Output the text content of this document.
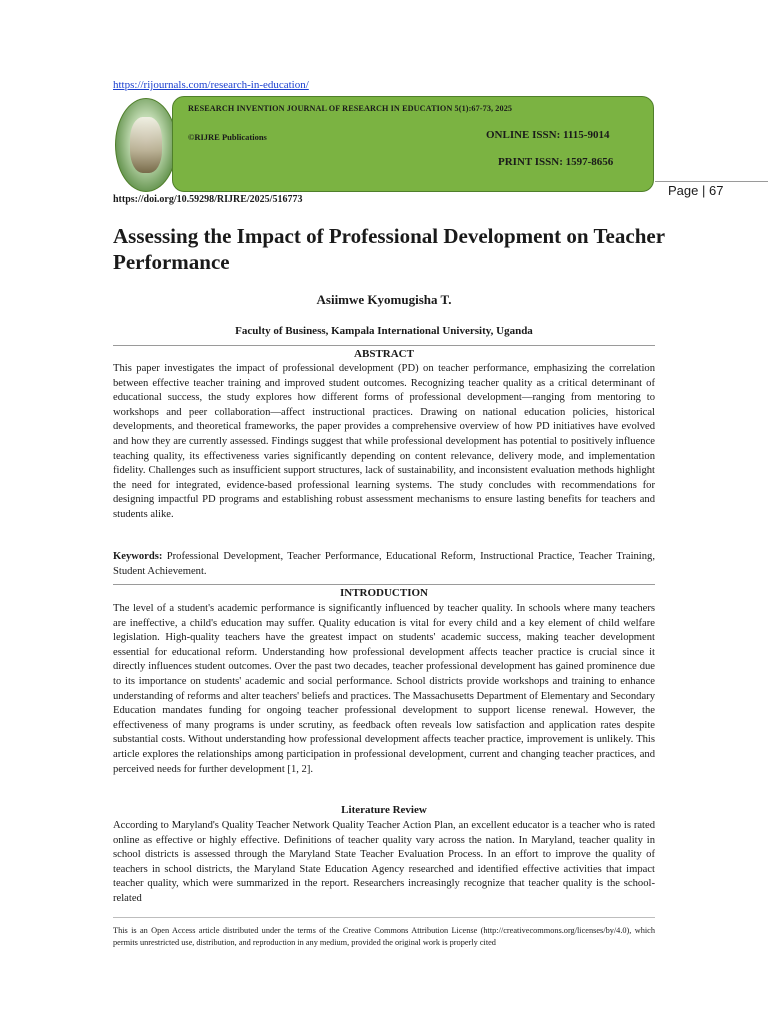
https://rijournals.com/research-in-education/
RESEARCH INVENTION JOURNAL OF RESEARCH IN EDUCATION 5(1):67-73, 2025
©RIJRE Publications	ONLINE ISSN: 1115-9014
PRINT ISSN: 1597-8656
Page | 67
https://doi.org/10.59298/RIJRE/2025/516773
Assessing the Impact of Professional Development on Teacher Performance
Asiimwe Kyomugisha T.
Faculty of Business, Kampala International University, Uganda
ABSTRACT

This paper investigates the impact of professional development (PD) on teacher performance, emphasizing the correlation between effective teacher training and improved student outcomes. Recognizing teacher quality as a critical determinant of educational success, the study explores how different forms of professional development—ranging from mentoring to workshops and peer collaboration—affect instructional practices. Drawing on national education policies, historical developments, and theoretical frameworks, the paper provides a comprehensive overview of how PD initiatives have evolved and how they are currently assessed. Findings suggest that while professional development has potential to positively influence teaching quality, its effectiveness varies significantly depending on content relevance, delivery mode, and implementation fidelity. Challenges such as insufficient support structures, lack of sustainability, and inconsistent evaluation methods highlight the need for integrated, evidence-based professional learning systems. The study concludes with recommendations for designing impactful PD programs and establishing robust assessment mechanisms to ensure lasting benefits for teachers and students alike.

Keywords: Professional Development, Teacher Performance, Educational Reform, Instructional Practice, Teacher Training, Student Achievement.

INTRODUCTION

The level of a student's academic performance is significantly influenced by teacher quality. In schools where many teachers are ineffective, a child's education may suffer. Quality education is vital for every child and a key element of child welfare legislation. High-quality teachers have the greatest impact on students' academic success, making teacher development essential for educational reform. Understanding how professional development affects teacher practice is crucial since it directly influences student outcomes. Over the past two decades, teacher professional development has gained prominence due to its importance on students' academic and social performance. School districts provide workshops and training to enhance understanding of reforms and alter teachers' beliefs and practices. The Massachusetts Department of Elementary and Secondary Education mandates funding for ongoing teacher professional development to support license renewal. However, the effectiveness of many programs is under scrutiny, as feedback often reveals low satisfaction and application rates despite substantial costs. Without understanding how professional development affects teacher practice, improvement is unlikely. This article explores the relationships among participation in professional development, current and changing teacher practices, and perceived needs for further development [1, 2].

Literature Review

According to Maryland's Quality Teacher Network Quality Teacher Action Plan, an excellent educator is a teacher who is rated online as effective or highly effective. Definitions of teacher quality vary across the nation. In Maryland, teacher quality in school districts is assessed through the Maryland State Teacher Evaluation Process. In an effort to improve the quality of teachers in school districts, the Maryland State Education Agency researched and identified effective activities that impact teacher quality, which were summarized in the report. Researchers increasingly recognize that teacher quality is the school-related

This is an Open Access article distributed under the terms of the Creative Commons Attribution License (http://creativecommons.org/licenses/by/4.0), which permits unrestricted use, distribution, and reproduction in any medium, provided the original work is properly cited
